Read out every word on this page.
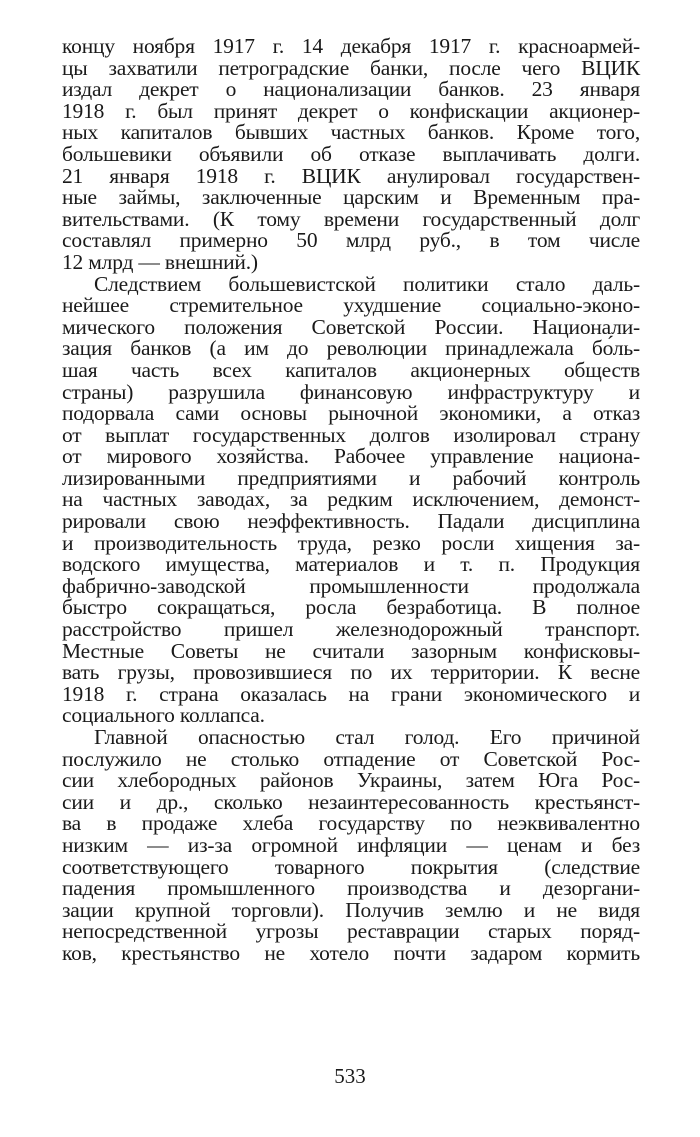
концу ноября 1917 г. 14 декабря 1917 г. красноармей-
цы захватили петроградские банки, после чего ВЦИК
издал декрет о национализации банков. 23 января
1918 г. был принят декрет о конфискации акционер-
ных капиталов бывших частных банков. Кроме того,
большевики объявили об отказе выплачивать долги.
21 января 1918 г. ВЦИК анулировал государствен-
ные займы, заключенные царским и Временным пра-
вительствами. (К тому времени государственный долг
составлял примерно 50 млрд руб., в том числе
12 млрд — внешний.)

Следствием большевистской политики стало даль-
нейшее стремительное ухудшение социально-эконо-
мического положения Советской России. Национали-
зация банков (а им до революции принадлежала бо́ль-
шая часть всех капиталов акционерных обществ
страны) разрушила финансовую инфраструктуру и
подорвала сами основы рыночной экономики, а отказ
от выплат государственных долгов изолировал страну
от мирового хозяйства. Рабочее управление национа-
лизированными предприятиями и рабочий контроль
на частных заводах, за редким исключением, демонст-
рировали свою неэффективность. Падали дисциплина
и производительность труда, резко росли хищения за-
водского имущества, материалов и т. п. Продукция
фабрично-заводской промышленности продолжала
быстро сокращаться, росла безработица. В полное
расстройство пришел железнодорожный транспорт.
Местные Советы не считали зазорным конфисковы-
вать грузы, провозившиеся по их территории. К весне
1918 г. страна оказалась на грани экономического и
социального коллапса.

Главной опасностью стал голод. Его причиной
послужило не столько отпадение от Советской Рос-
сии хлебородных районов Украины, затем Юга Рос-
сии и др., сколько незаинтересованность крестьянст-
ва в продаже хлеба государству по неэквивалентно
низким — из-за огромной инфляции — ценам и без
соответствующего товарного покрытия (следствие
падения промышленного производства и дезоргани-
зации крупной торговли). Получив землю и не видя
непосредственной угрозы реставрации старых поряд-
ков, крестьянство не хотело почти задаром кормить

533
